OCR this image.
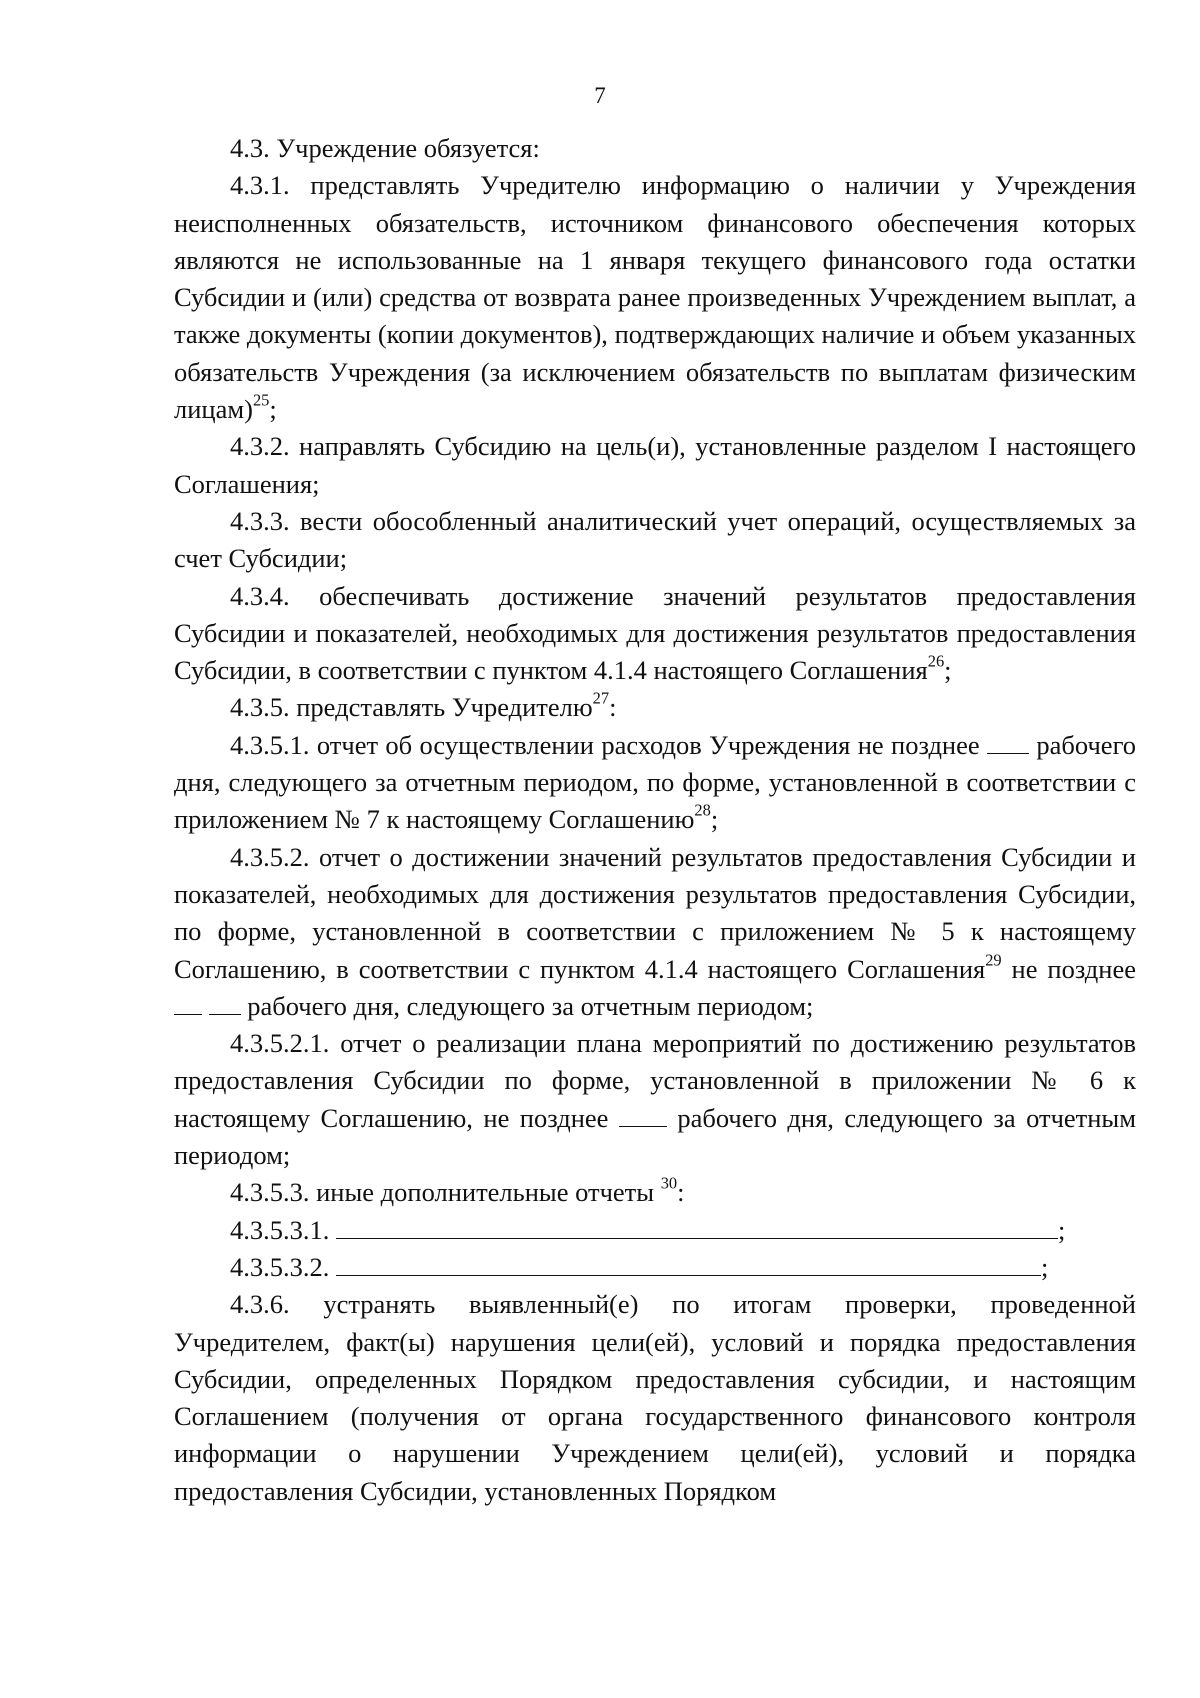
7

4.3. Учреждение обязуется:

4.3.1. представлять Учредителю информацию о наличии у Учреждения неисполненных обязательств, источником финансового обеспечения которых являются не использованные на 1 января текущего финансового года остатки Субсидии и (или) средства от возврата ранее произведенных Учреждением выплат, а также документы (копии документов), подтверждающих наличие и объем указанных обязательств Учреждения (за исключением обязательств по выплатам физическим лицам)$^{25}$;

4.3.2. направлять Субсидию на цель(и), установленные разделом I настоящего Соглашения;

4.3.3. вести обособленный аналитический учет операций, осуществляемых за счет Субсидии;

4.3.4. обеспечивать достижение значений результатов предоставления Субсидии и показателей, необходимых для достижения результатов предоставления Субсидии, в соответствии с пунктом 4.1.4 настоящего Соглашения$^{26}$;

4.3.5. представлять Учредителю$^{27}$:

4.3.5.1. отчет об осуществлении расходов Учреждения не позднее рабочего дня, следующего за отчетным периодом, по форме, установленной в соответствии с приложением № 7 к настоящему Соглашению$^{28}$;

4.3.5.2. отчет о достижении значений результатов предоставления Субсидии и показателей, необходимых для достижения результатов предоставления Субсидии, по форме, установленной в соответствии с приложением № 5 к настоящему Соглашению, в соответствии с пунктом 4.1.4 настоящего Соглашения$^{29}$ не позднее   рабочего дня, следующего за отчетным периодом;

4.3.5.2.1. отчет о реализации плана мероприятий по достижению результатов предоставления Субсидии по форме, установленной в приложении № 6 к настоящему Соглашению, не позднее	рабочего дня, следующего за отчетным периодом;

4.3.5.3. иные дополнительные отчеты $^{30}$:

4.3.5.3.1.	;

4.3.5.3.2.	;

4.3.6. устранять выявленный(е) по итогам проверки, проведенной Учредителем, факт(ы) нарушения цели(ей), условий и порядка предоставления Субсидии, определенных Порядком предоставления субсидии, и настоящим Соглашением (получения от органа государственного финансового контроля информации о нарушении Учреждением цели(ей), условий и порядка предоставления Субсидии, установленных Порядком
